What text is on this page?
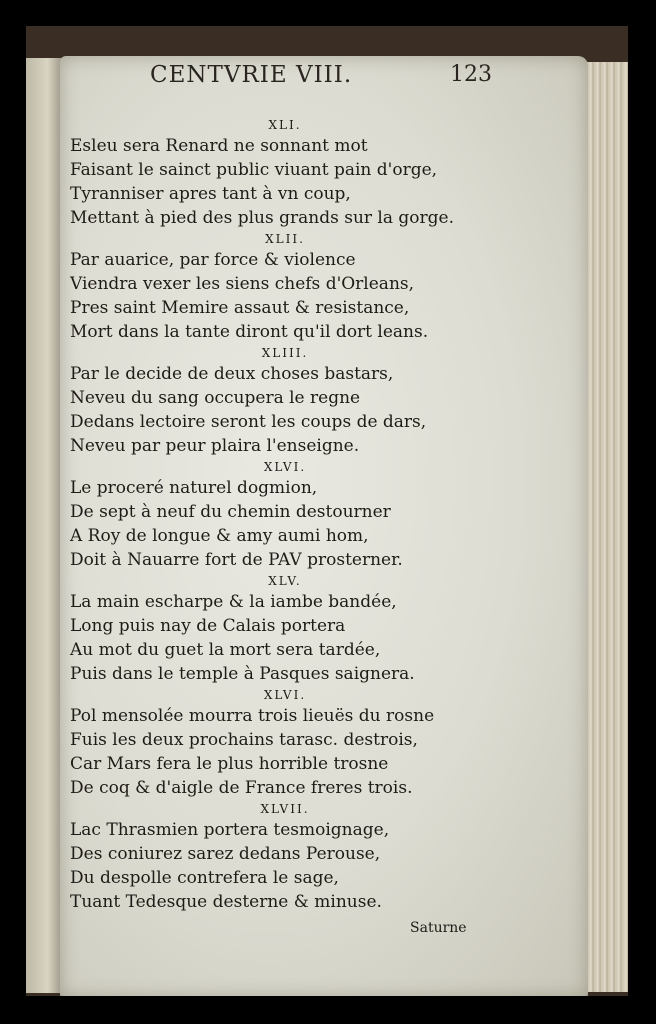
CENTVRIE VIII.	123
XLI.
Esleu sera Renard ne sonnant mot
Faisant le sainct public viuant pain d'orge,
Tyranniser apres tant à vn coup,
Mettant à pied des plus grands sur la gorge.
XLII.
Par auarice, par force & violence
Viendra vexer les siens chefs d'Orleans,
Pres saint Memire assaut & resistance,
Mort dans la tante diront qu'il dort leans.
XLIII.
Par le decide de deux choses bastars,
Neveu du sang occupera le regne
Dedans lectoire seront les coups de dars,
Neveu par peur plaira l'enseigne.
XLVI.
Le proceré naturel dogmion,
De sept à neuf du chemin destourner
A Roy de longue & amy aumi hom,
Doit à Nauarre fort de PAV prosterner.
XLV.
La main escharpe & la iambe bandée,
Long puis nay de Calais portera
Au mot du guet la mort sera tardée,
Puis dans le temple à Pasques saignera.
XLVI.
Pol mensolée mourra trois lieuës du rosne
Fuis les deux prochains tarasc. destrois,
Car Mars fera le plus horrible trosne
De coq & d'aigle de France freres trois.
XLVII.
Lac Thrasmien portera tesmoignage,
Des coniurez sarez dedans Perouse,
Du despolle contrefera le sage,
Tuant Tedesque desterne & minuse.
Saturne
